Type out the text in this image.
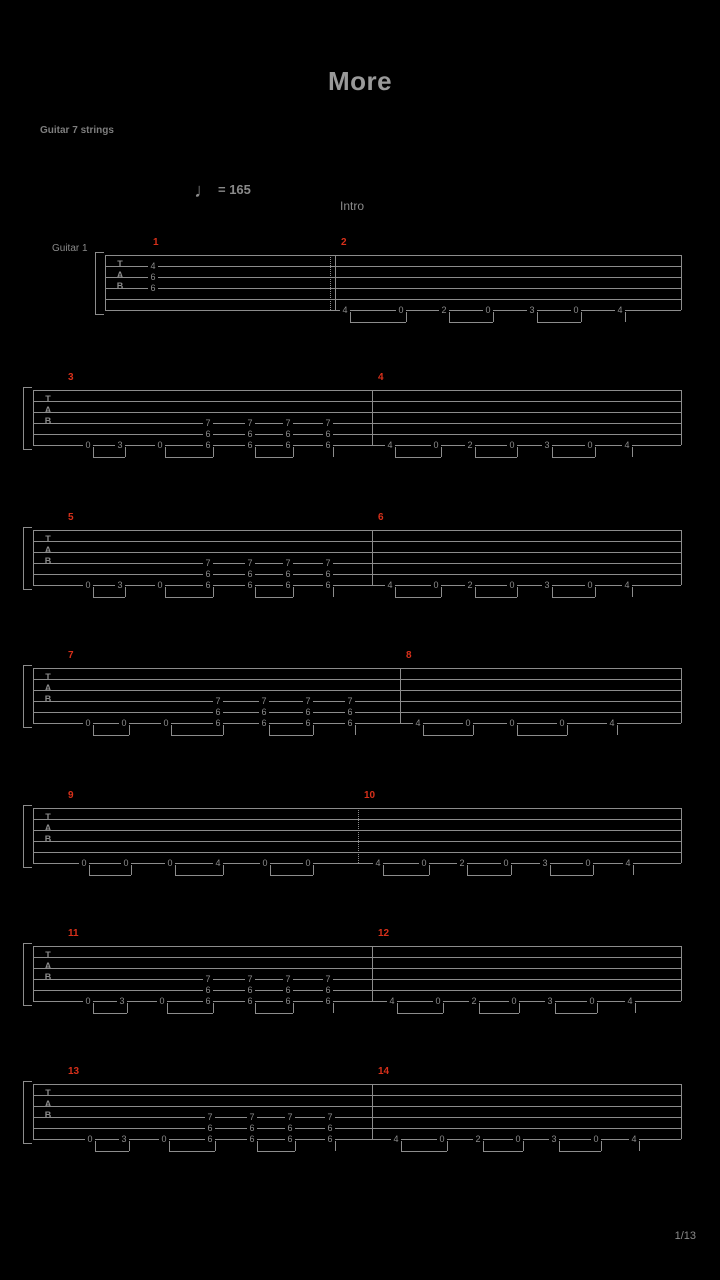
More
Guitar 7 strings
♩ = 165
Intro
Guitar 1
1/13
T
A
B
1	2
4
6
6
4	0	2	0	3	0	4
T
A
B
3	4
0	3	0
7
6
6
7
6
6
7
6
6
7
6
6	4	0	2	0	3	0	4
T
A
B
5	6
0	3	0
7
6
6
7
6
6
7
6
6
7
6
6	4	0	2	0	3	0	4
T
A
B
7	8
0	0	0
7
6
6
7
6
6
7
6
6
7
6
6	4	0	0	0	4
T
A
B
9	10
0	0	0	4	0	0	4	0	2	0	3	0	4
T
A
B
11	12
0	3	0
7
6
6
7
6
6
7
6
6
7
6
6	4	0	2	0	3	0	4
T
A
B
13	14
0	3	0
7
6
6
7
6
6
7
6
6
7
6
6	4	0	2	0	3	0	4
